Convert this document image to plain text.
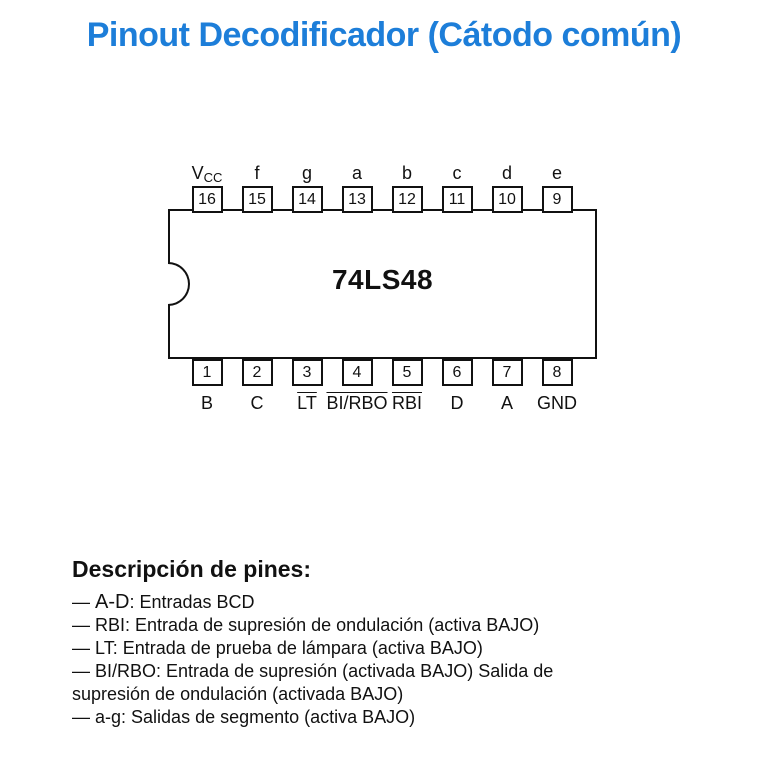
Pinout Decodificador (Cátodo común)
74LS48
V CC
16
f
15
g
14
a
13
b
12
c
11
d
10
e
9
1
B
2
C
3
$\overline{LT}$
4
BI/RBO
5
$\overline{RBI}$
6
D
7
A
8
GND
Descripción de pines:
— A-D: Entradas BCD
— RBI: Entrada de supresión de ondulación (activa BAJO)
— LT: Entrada de prueba de lámpara (activa BAJO)
— BI/RBO: Entrada de supresión (activada BAJO) Salida de
supresión de ondulación (activada BAJO)
— a-g: Salidas de segmento (activa BAJO)
